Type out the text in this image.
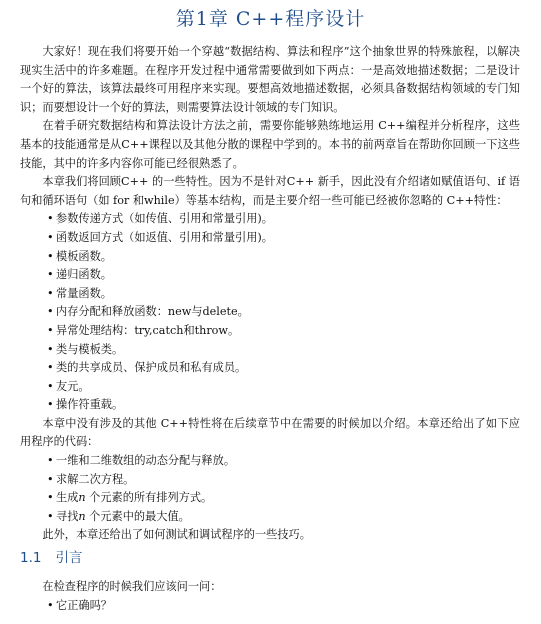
第1章 C++程序设计

大家好！现在我们将要开始一个穿越“数据结构、算法和程序”这个抽象世界的特殊旅程，以解决现实生活中的许多难题。在程序开发过程中通常需要做到如下两点：一是高效地描述数据；二是设计一个好的算法，该算法最终可用程序来实现。要想高效地描述数据，必须具备数据结构领域的专门知识；而要想设计一个好的算法，则需要算法设计领域的专门知识。

在着手研究数据结构和算法设计方法之前，需要你能够熟练地运用 C++编程并分析程序，这些基本的技能通常是从C++课程以及其他分散的课程中学到的。本书的前两章旨在帮助你回顾一下这些技能，其中的许多内容你可能已经很熟悉了。

本章我们将回顾C++ 的一些特性。因为不是针对C++ 新手，因此没有介绍诸如赋值语句、if 语句和循环语句（如 for 和while）等基本结构，而是主要介绍一些可能已经被你忽略的 C++特性：

• 参数传递方式（如传值、引用和常量引用)。
• 函数返回方式（如返值、引用和常量引用)。
• 模板函数。
• 递归函数。
• 常量函数。
• 内存分配和释放函数：new与delete。
• 异常处理结构：try,catch和throw。
• 类与模板类。
• 类的共享成员、保护成员和私有成员。
• 友元。
• 操作符重载。

本章中没有涉及的其他 C++特性将在后续章节中在需要的时候加以介绍。本章还给出了如下应用程序的代码：

• 一维和二维数组的动态分配与释放。
• 求解二次方程。
• 生成n 个元素的所有排列方式。
• 寻找n 个元素中的最大值。

此外，本章还给出了如何测试和调试程序的一些技巧。

1.1 引言

在检查程序的时候我们应该问一问：

• 它正确吗？
